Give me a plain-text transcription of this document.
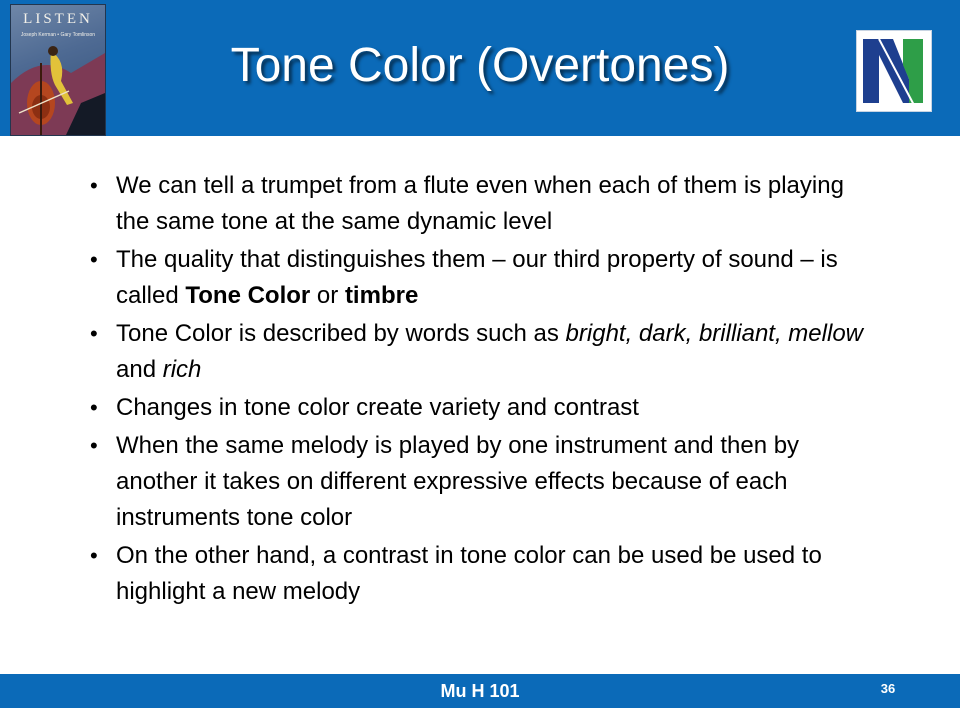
LISTEN
Joseph Kerman • Gary Tomlinson
Tone Color (Overtones)
• We can tell a trumpet from a flute even when each of them is playing the same tone at the same dynamic level
• The quality that distinguishes them – our third property of sound – is called Tone Color or timbre
• Tone Color is described by words such as bright, dark, brilliant, mellow and rich
• Changes in tone color create variety and contrast
• When the same melody is played by one instrument and then by another it takes on different expressive effects because of each instruments tone color
• On the other hand, a contrast in tone color can be used be used to highlight a new melody
Mu H 101	36
